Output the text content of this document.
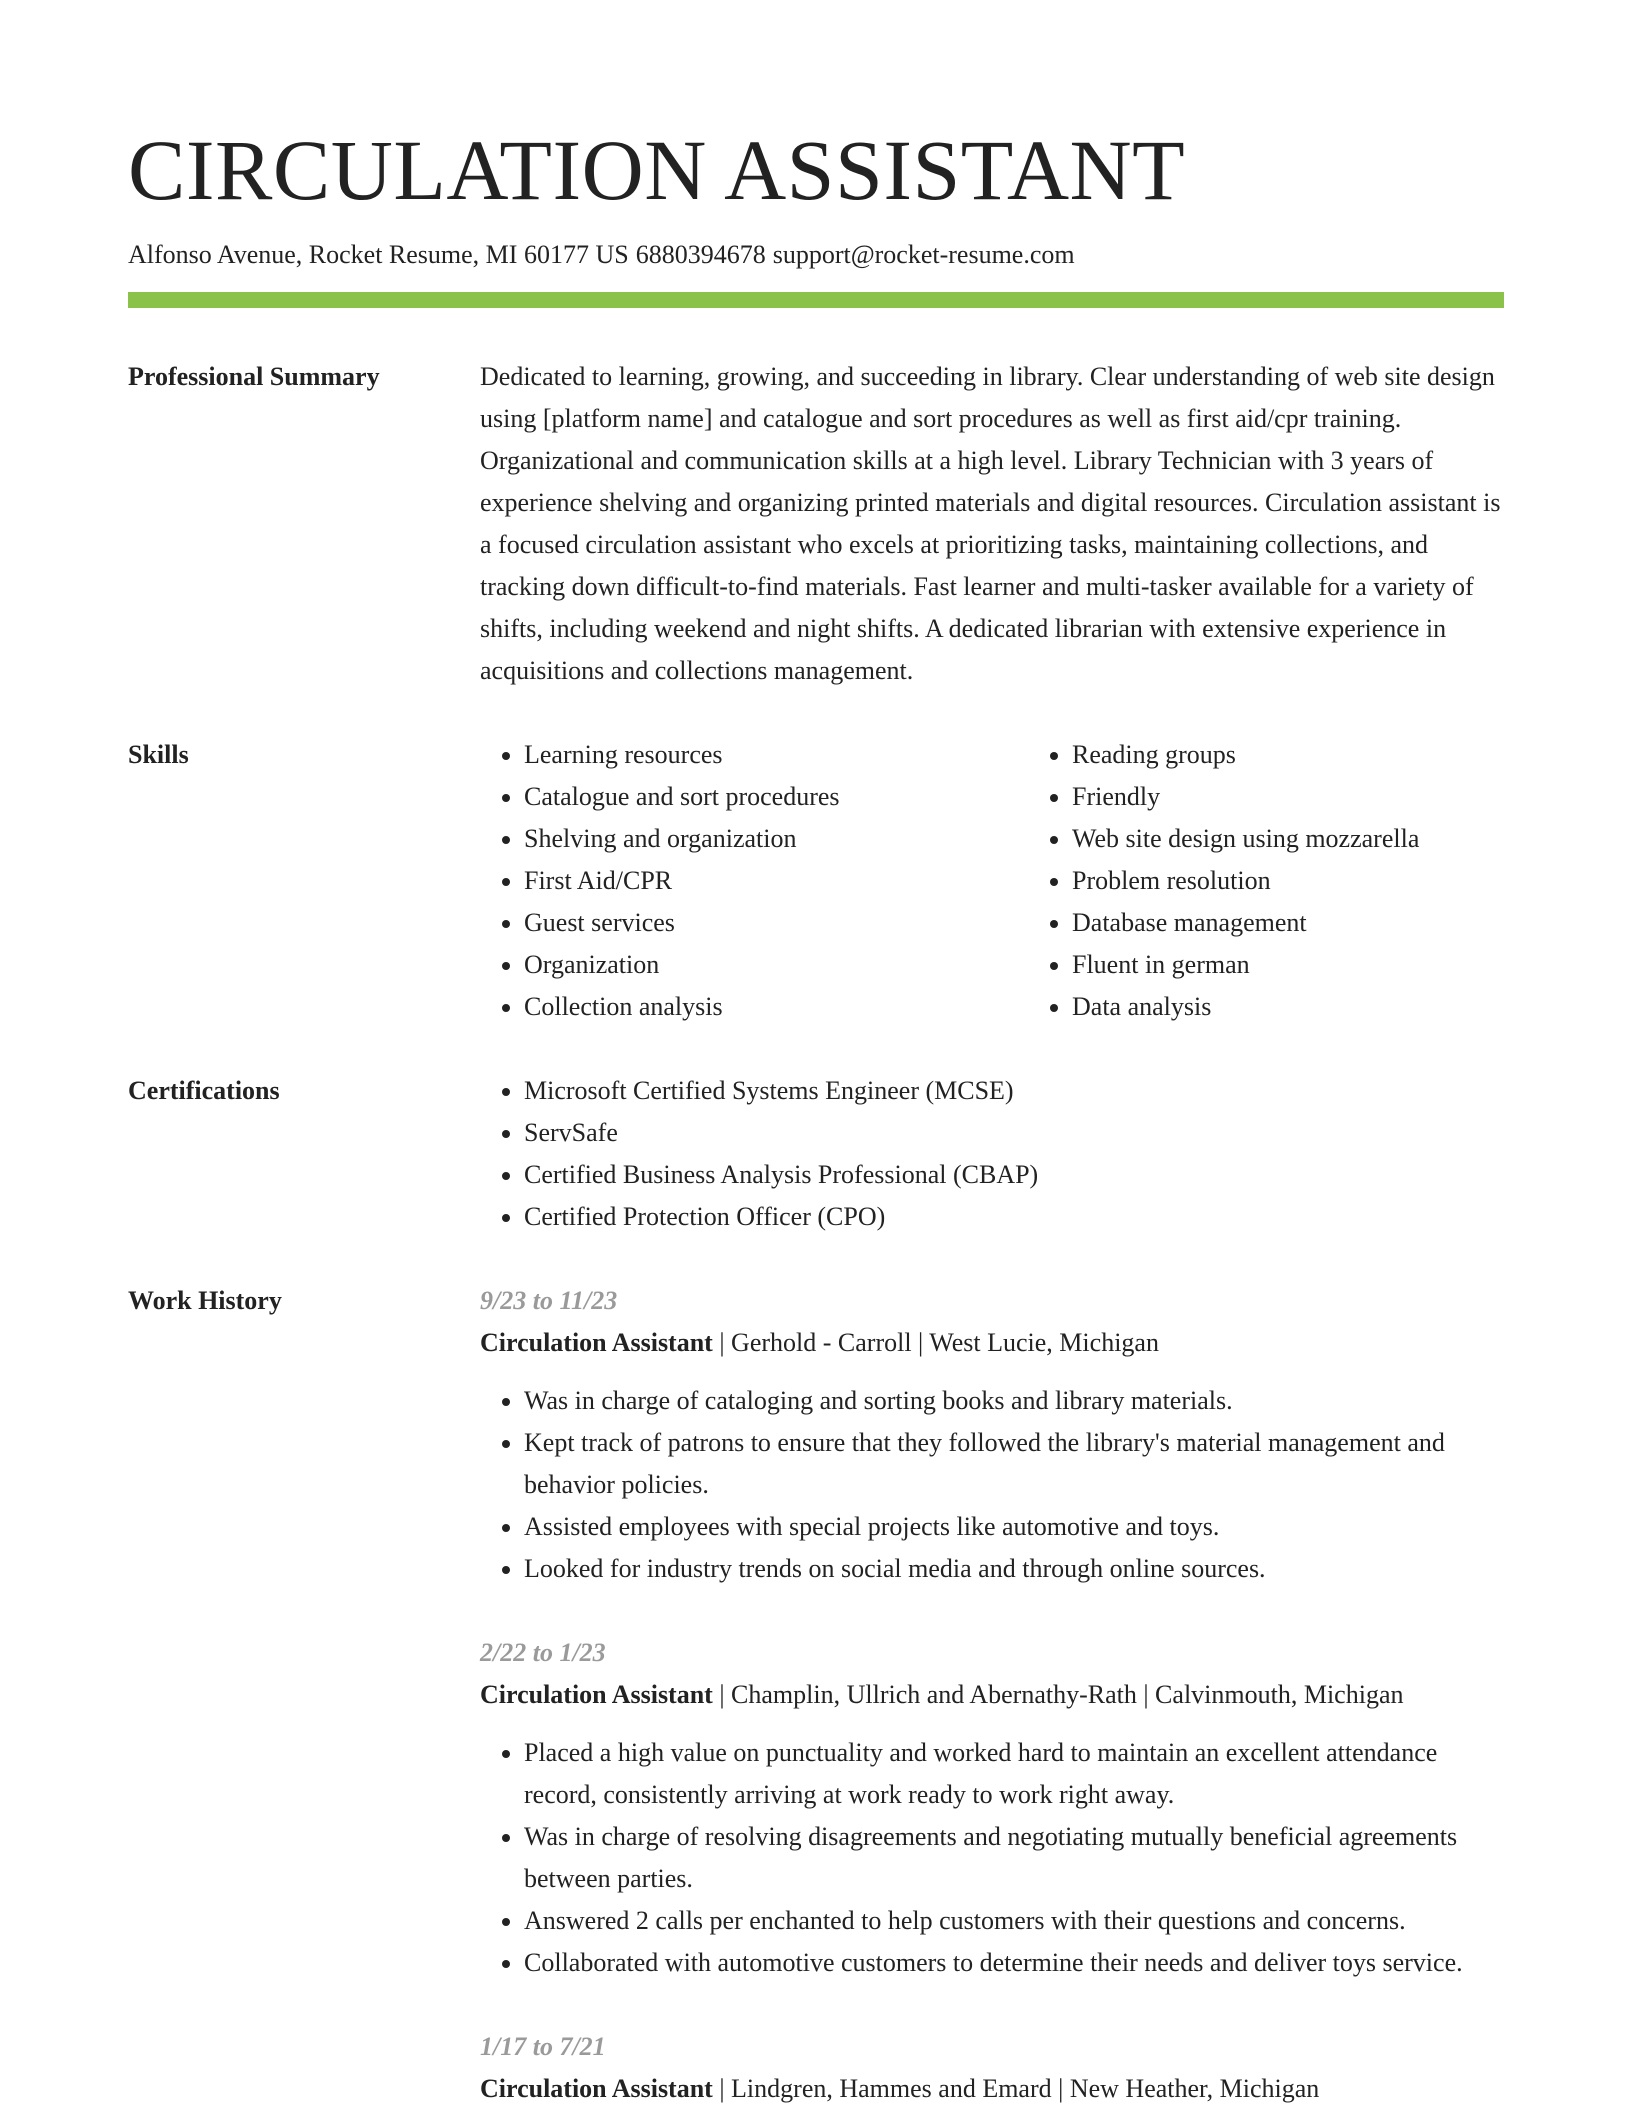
CIRCULATION ASSISTANT
Alfonso Avenue, Rocket Resume, MI 60177 US 6880394678 support@rocket-resume.com
Professional Summary	Dedicated to learning, growing, and succeeding in library. Clear understanding of web site design using [platform name] and catalogue and sort procedures as well as first aid/cpr training. Organizational and communication skills at a high level. Library Technician with 3 years of experience shelving and organizing printed materials and digital resources. Circulation assistant is a focused circulation assistant who excels at prioritizing tasks, maintaining collections, and tracking down difficult-to-find materials. Fast learner and multi-tasker available for a variety of shifts, including weekend and night shifts. A dedicated librarian with extensive experience in acquisitions and collections management.

Skills	• Learning resources
• Catalogue and sort procedures
• Shelving and organization
• First Aid/CPR
• Guest services
• Organization
• Collection analysis
• Reading groups
• Friendly
• Web site design using mozzarella
• Problem resolution
• Database management
• Fluent in german
• Data analysis
Certifications	• Microsoft Certified Systems Engineer (MCSE)
• ServSafe
• Certified Business Analysis Professional (CBAP)
• Certified Protection Officer (CPO)
Work History	9/23 to 11/23
Circulation Assistant | Gerhold - Carroll | West Lucie, Michigan
• Was in charge of cataloging and sorting books and library materials.
• Kept track of patrons to ensure that they followed the library's material management and behavior policies.
• Assisted employees with special projects like automotive and toys.
• Looked for industry trends on social media and through online sources.
2/22 to 1/23
Circulation Assistant | Champlin, Ullrich and Abernathy-Rath | Calvinmouth, Michigan
• Placed a high value on punctuality and worked hard to maintain an excellent attendance record, consistently arriving at work ready to work right away.
• Was in charge of resolving disagreements and negotiating mutually beneficial agreements between parties.
• Answered 2 calls per enchanted to help customers with their questions and concerns.
• Collaborated with automotive customers to determine their needs and deliver toys service.
1/17 to 7/21
Circulation Assistant | Lindgren, Hammes and Emard | New Heather, Michigan
